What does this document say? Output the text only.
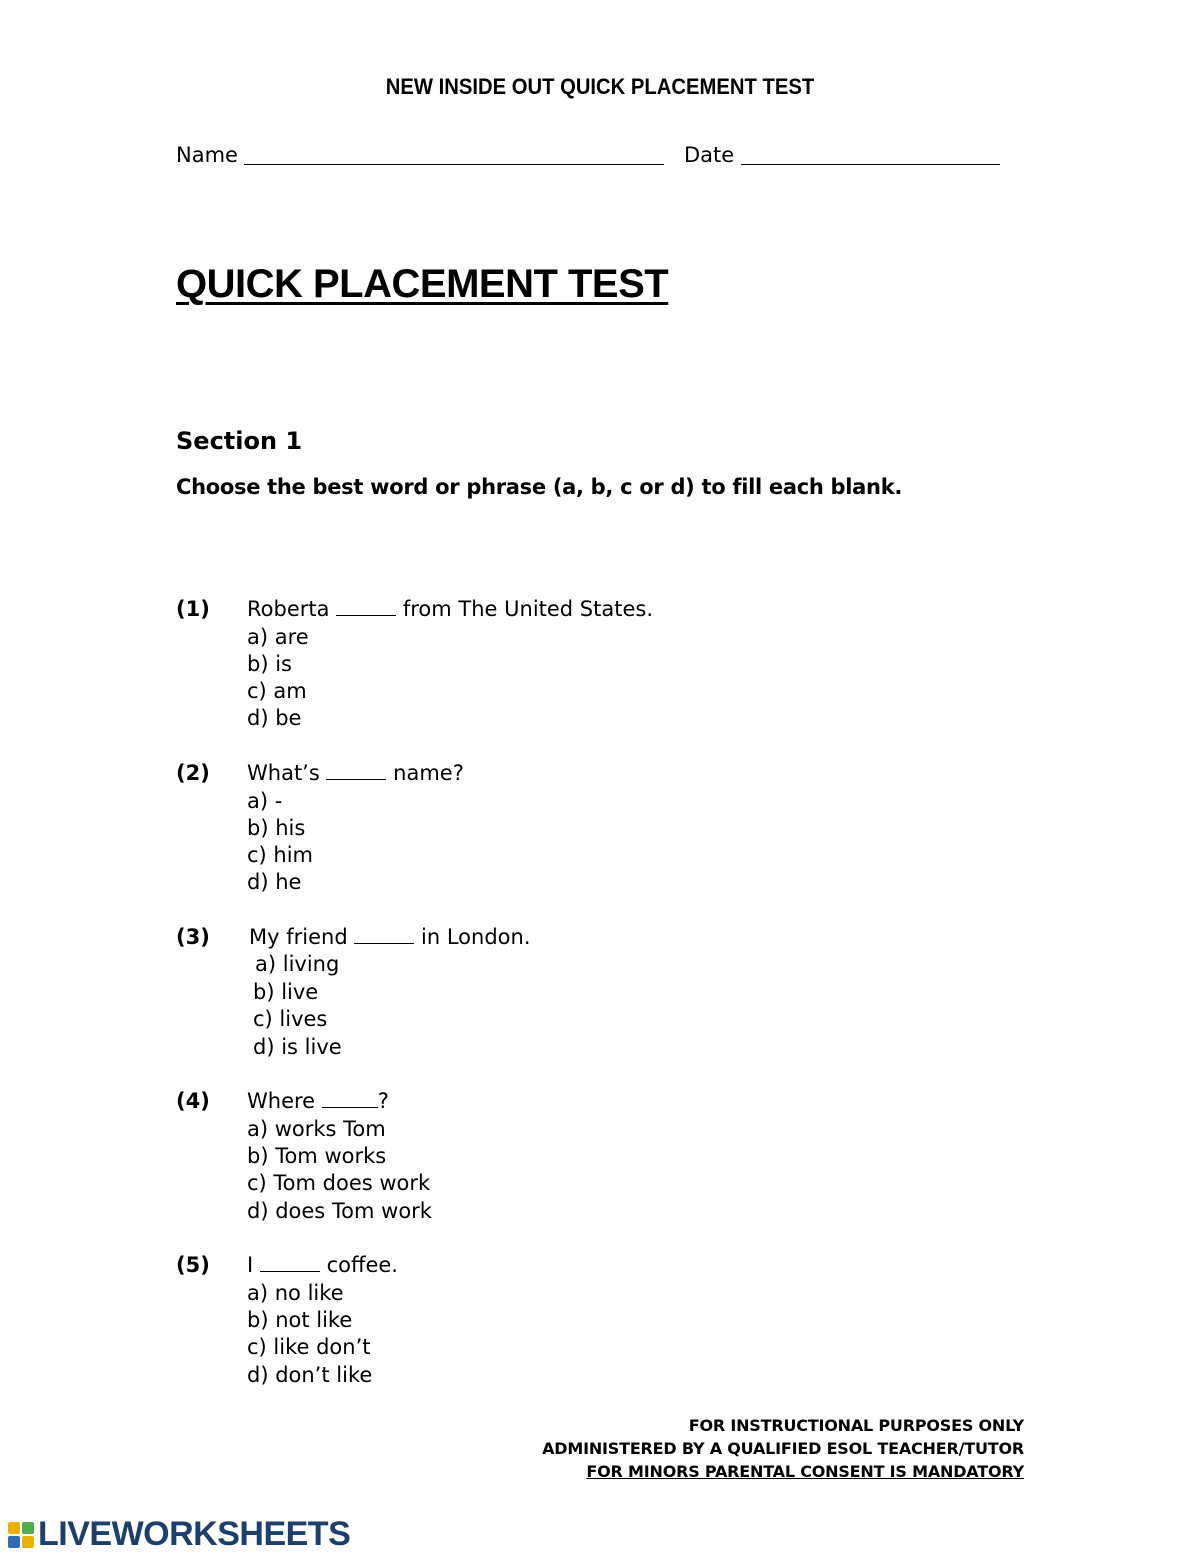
NEW INSIDE OUT QUICK PLACEMENT TEST
Name	Date
QUICK PLACEMENT TEST
Section 1
Choose the best word or phrase (a, b, c or d) to fill each blank.
(1) Roberta	from The United States.
a) are
b) is
c) am
d) be
(2) What’s	name?
a) -
b) his
c) him
d) he
(3) My friend	in London.
a) living
b) live
c) lives
d) is live
(4) Where	?
a) works Tom
b) Tom works
c) Tom does work
d) does Tom work
(5) I	coffee.
a) no like
b) not like
c) like don’t
d) don’t like
FOR INSTRUCTIONAL PURPOSES ONLY
ADMINISTERED BY A QUALIFIED ESOL TEACHER/TUTOR
FOR MINORS PARENTAL CONSENT IS MANDATORY
LIVEWORKSHEETS
